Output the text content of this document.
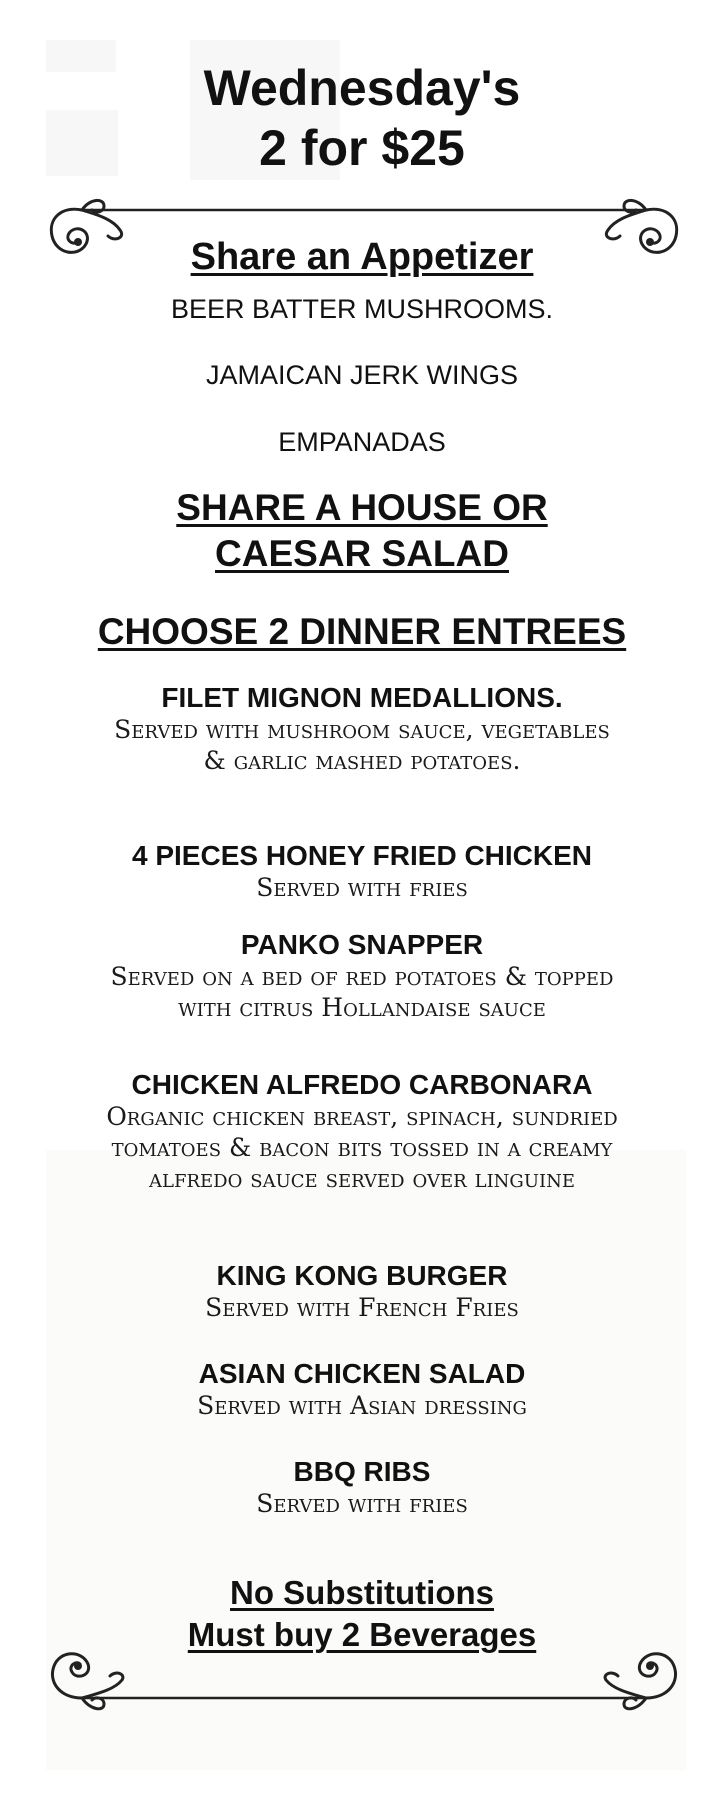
Wednesday's
2 for $25
Share an Appetizer
BEER BATTER MUSHROOMS.
JAMAICAN JERK WINGS
EMPANADAS
SHARE A HOUSE OR
CAESAR SALAD
CHOOSE 2 DINNER ENTREES
FILET MIGNON MEDALLIONS.
Served with mushroom sauce, vegetables & garlic mashed potatoes.
4 PIECES HONEY FRIED CHICKEN
Served with fries
PANKO SNAPPER
Served on a bed of red potatoes & topped with citrus Hollandaise sauce
CHICKEN ALFREDO CARBONARA
Organic chicken breast, spinach, sundried tomatoes & bacon bits tossed in a creamy alfredo sauce served over linguine
KING KONG BURGER
Served with French Fries
ASIAN CHICKEN SALAD
Served with Asian dressing
BBQ RIBS
Served with fries
No Substitutions
Must buy 2 Beverages
